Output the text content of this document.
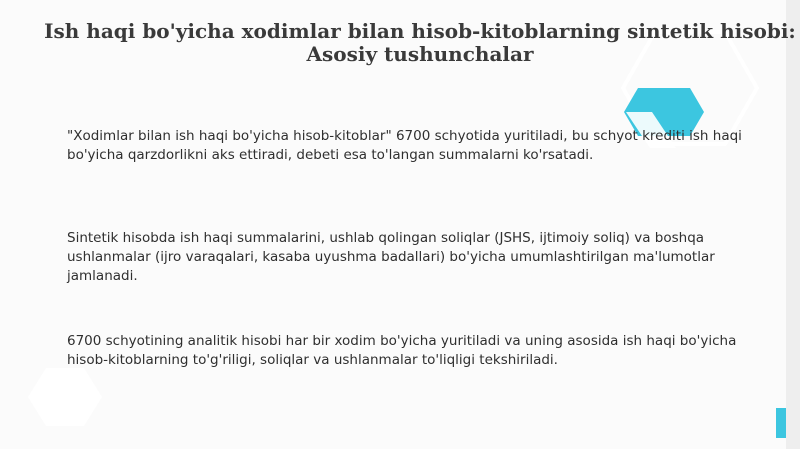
Ish haqi bo'yicha xodimlar bilan hisob-kitoblarning sintetik hisobi: Asosiy tushunchalar
"Xodimlar bilan ish haqi bo'yicha hisob-kitoblar" 6700 schyotida yuritiladi, bu schyot krediti ish haqi bo'yicha qarzdorlikni aks ettiradi, debeti esa to'langan summalarni ko'rsatadi.
Sintetik hisobda ish haqi summalarini, ushlab qolingan soliqlar (JSHS, ijtimoiy soliq) va boshqa ushlanmalar (ijro varaqalari, kasaba uyushma badallari) bo'yicha umumlashtirilgan ma'lumotlar jamlanadi.
6700 schyotining analitik hisobi har bir xodim bo'yicha yuritiladi va uning asosida ish haqi bo'yicha hisob-kitoblarning to'g'riligi, soliqlar va ushlanmalar to'liqligi tekshiriladi.
